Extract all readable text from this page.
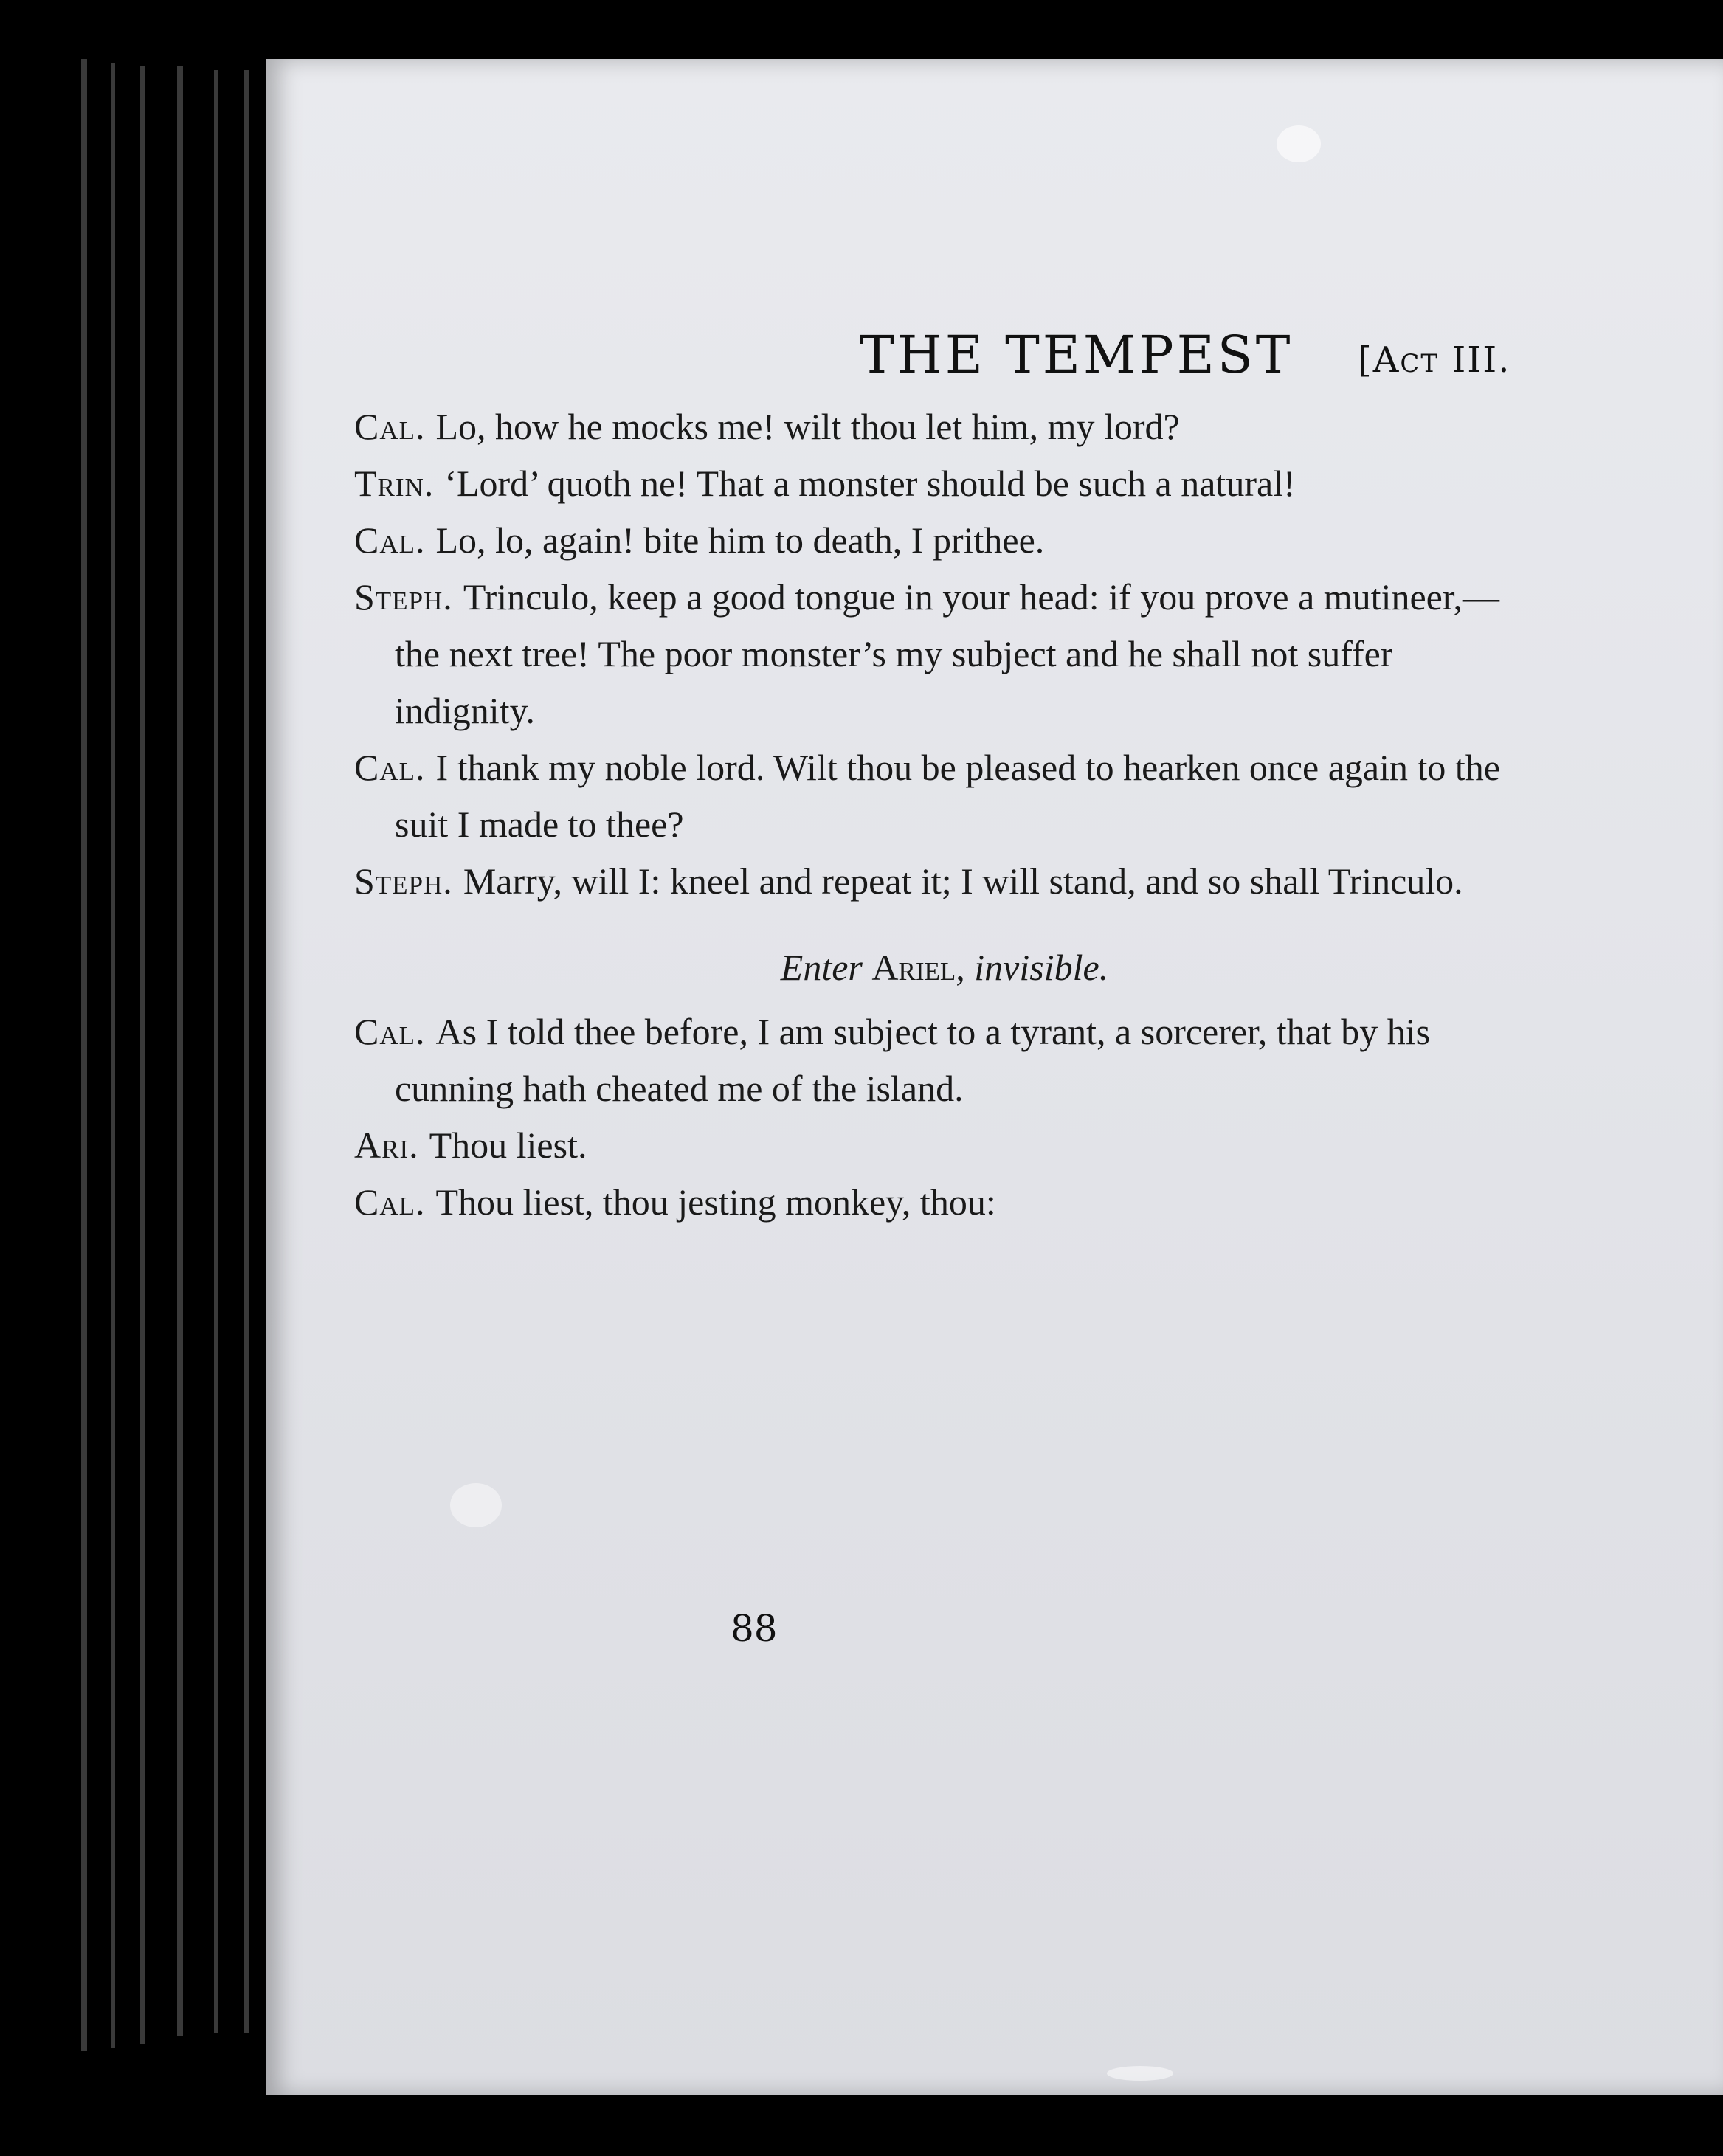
THE TEMPEST [Act III.

Cal. Lo, how he mocks me! wilt thou let him, my lord?

Trin. ‘Lord’ quoth ne! That a monster should be such a natural!

Cal. Lo, lo, again! bite him to death, I prithee.

Steph. Trinculo, keep a good tongue in your head: if you prove a mutineer,—the next tree! The poor monster’s my subject and he shall not suffer indignity.

Cal. I thank my noble lord. Wilt thou be pleased to hearken once again to the suit I made to thee?

Steph. Marry, will I: kneel and repeat it; I will stand, and so shall Trinculo.

Enter Ariel, invisible.

Cal. As I told thee before, I am subject to a tyrant, a sorcerer, that by his cunning hath cheated me of the island.

Ari. Thou liest.

Cal. Thou liest, thou jesting monkey, thou:

88
